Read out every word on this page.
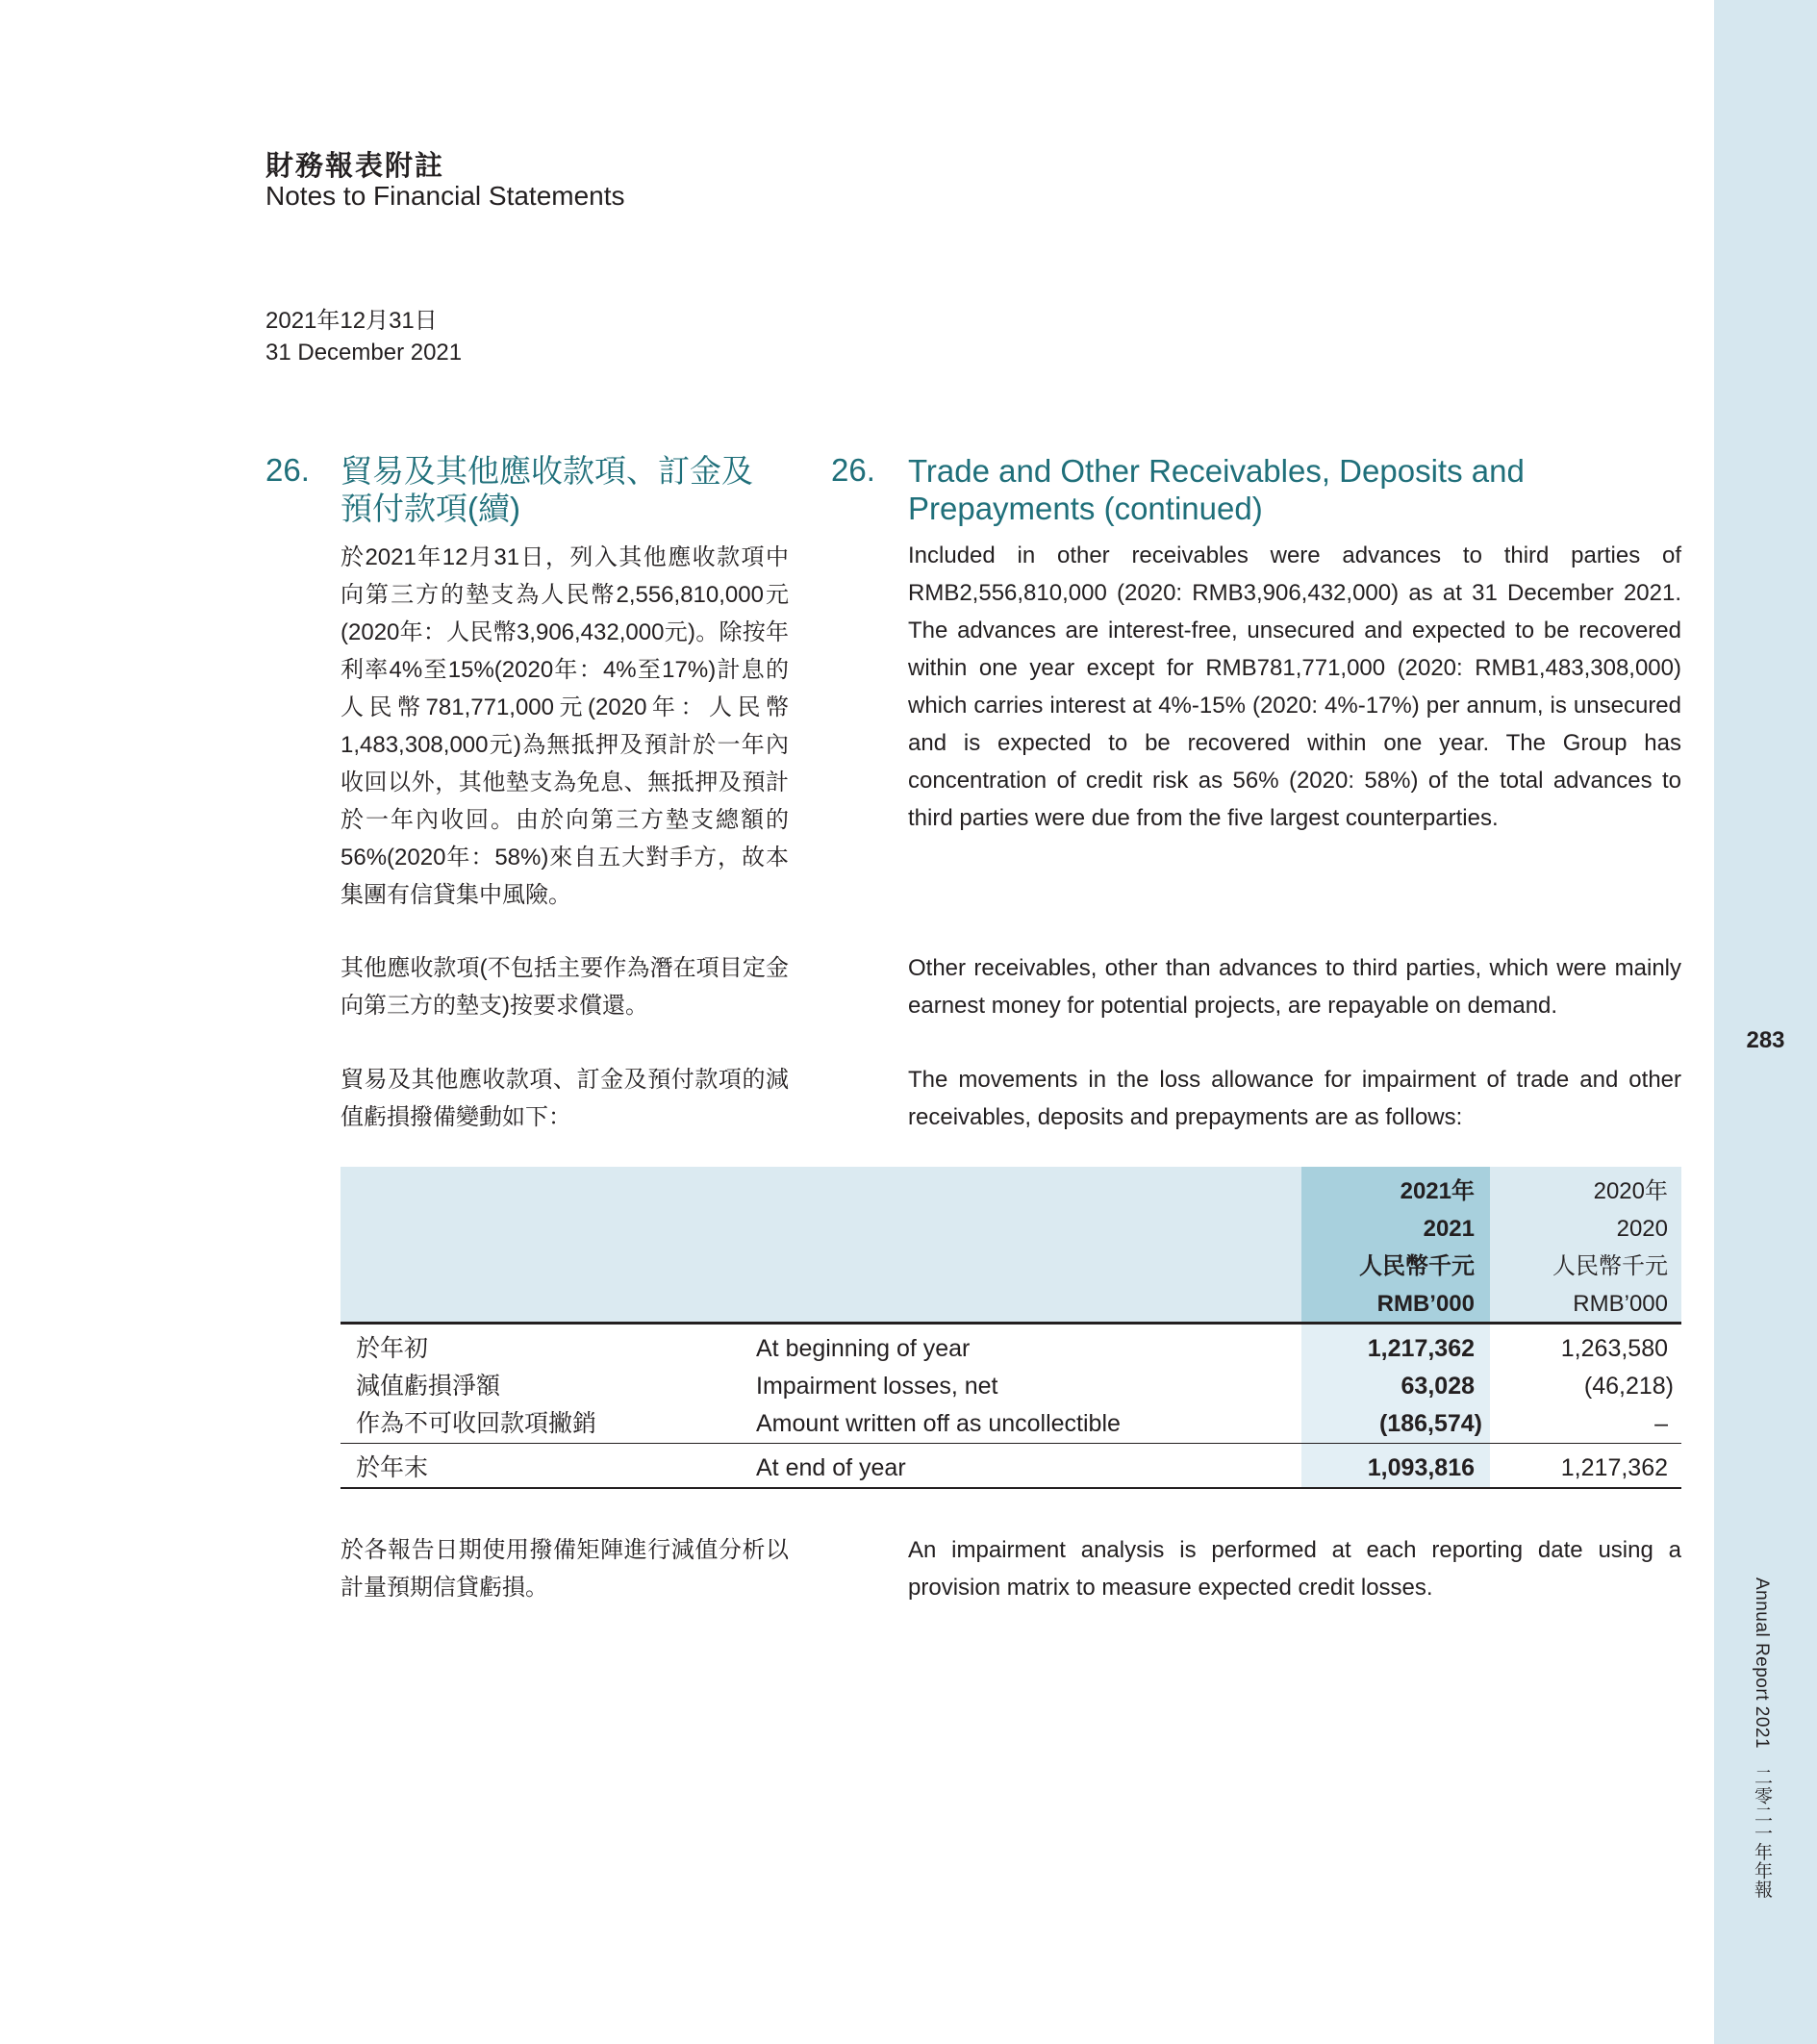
283
Annual Report 2021　二零二一年年報
財務報表附註
Notes to Financial Statements
2021年12月31日
31 December 2021
26. 貿易及其他應收款項、訂金及
預付款項(續)
26. Trade and Other Receivables, Deposits and
Prepayments (continued)
於2021年12月31日，列入其他應收款項中向第三方的墊支為人民幣2,556,810,000元(2020年：人民幣3,906,432,000元)。除按年利率4%至15%(2020年：4%至17%)計息的人民幣781,771,000元(2020年：人民幣1,483,308,000元)為無抵押及預計於一年內收回以外，其他墊支為免息、無抵押及預計於一年內收回。由於向第三方墊支總額的56%(2020年：58%)來自五大對手方，故本集團有信貸集中風險。
Included in other receivables were advances to third parties of RMB2,556,810,000 (2020: RMB3,906,432,000) as at 31 December 2021. The advances are interest-free, unsecured and expected to be recovered within one year except for RMB781,771,000 (2020: RMB1,483,308,000) which carries interest at 4%-15% (2020: 4%-17%) per annum, is unsecured and is expected to be recovered within one year. The Group has concentration of credit risk as 56% (2020: 58%) of the total advances to third parties were due from the five largest counterparties.
其他應收款項(不包括主要作為潛在項目定金向第三方的墊支)按要求償還。
Other receivables, other than advances to third parties, which were mainly earnest money for potential projects, are repayable on demand.
貿易及其他應收款項、訂金及預付款項的減值虧損撥備變動如下：
The movements in the loss allowance for impairment of trade and other receivables, deposits and prepayments are as follows:
2021年
2021
人民幣千元
RMB’000
2020年
2020
人民幣千元
RMB’000
於年初	At beginning of year	1,217,362	1,263,580
減值虧損淨額	Impairment losses, net	63,028	(46,218)
作為不可收回款項撇銷	Amount written off as uncollectible	(186,574)	–
於年末	At end of year	1,093,816	1,217,362
於各報告日期使用撥備矩陣進行減值分析以計量預期信貸虧損。
An impairment analysis is performed at each reporting date using a provision matrix to measure expected credit losses.
